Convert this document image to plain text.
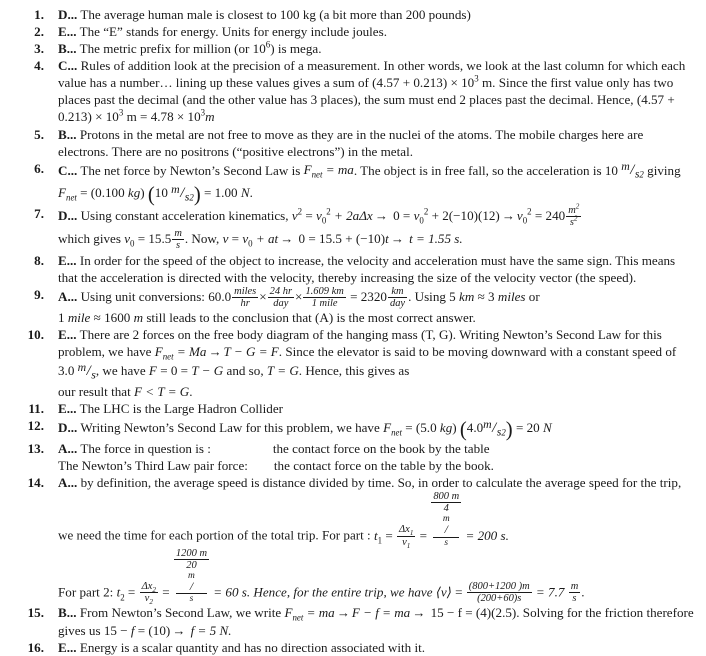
1. D... The average human male is closest to 100 kg (a bit more than 200 pounds)
2. E... The “E” stands for energy. Units for energy include joules.
3. B... The metric prefix for million (or $10^6$) is mega.
4. C... Rules of addition look at the precision of a measurement. In other words, we look at the last column for which each value has a number… lining up these values gives a sum of $(4.57 + 0.213) \times 10^3$ m. Since the first value only has two places past the decimal (and the other value has 3 places), the sum must end 2 places past the decimal. Hence, $(4.57 + 0.213) \times 10^3$ $m = 4.78 \times 10^3m$
5. B... Protons in the metal are not free to move as they are in the nuclei of the atoms. The mobile charges here are electrons. There are no positrons (“positive electrons”) in the metal.
6. C... The net force by Newton’s Second Law is $F_{net}$ = ma. The object is in free fall, so the acceleration is 10 $m/s_2$ giving $F_{net} = (0.100$ kg) (10 $m/s_2) = 1.00$ N.
7. D... Using constant acceleration kinematics, $v^2 = v_0^2 + 2a\Delta x \to 0 = v_0^2 + 2(-10)(12) \to v_0^2 = 240 \frac{m^2}{s^2}$
which gives $v_0 = 15.5 \frac{m}{s}$ . Now, $v = v_0$ + at → 0 = 15.5 + (−10)t → t = 1.55 s.
8. E... In order for the speed of the object to increase, the velocity and acceleration must have the same sign. This means that the acceleration is directed with the velocity, thereby increasing the size of the velocity vector (the speed).
9. A... Using unit conversions: 60.0 miles
hr × 24 hr
day × 1.609 km
1 mile = 2320 km
day . Using 5 km ≈ 3 miles or
1 mile ≈ 1600 m still leads to the conclusion that (A) is the most correct answer.
10. E... There are 2 forces on the free body diagram of the hanging mass (T, G). Writing Newton’s Second Law for this problem, we have $F_{net} = Ma \to T - G = F$. Since the elevator is said to be moving downward with a constant speed of 3.0 m/s, we have F = 0 = T − G and so, T = G. Hence, this gives as
our result that F < T = G.
11. E... The LHC is the Large Hadron Collider
12. D... Writing Newton’s Second Law for this problem, we have $F_{net} = (5.0$ kg) $(4.0m/s_2) = 20$ N
13. A... The force in question is :	the contact force on the book by the table
The Newton’s Third Law pair force: the contact force on the table by the book.
14. A... by definition, the average speed is distance divided by time. So, in order to calculate the average speed for the trip, we need the time for each portion of the total trip. For part : $t_1 = \frac{\Delta x_1}{v_1} = 800$ m
4
m
/
s = 200 s.
For part 2: $t_2 = \frac{\Delta x_2}{v_2} = 1200$ m
20
m
/
s = 60 s. Hence, for the entire trip, we have ⟨v⟩ = $\frac{(800+1200 )m}{(200+60)s} = 7.7 \frac{m}{s}$ .
15. B... From Newton’s Second Law, we write $F_{net}$ = ma → F − f = ma → 15 − f = (4)(2.5). Solving for the friction therefore gives us 15 − f = (10) → f = 5 N.
16. E... Energy is a scalar quantity and has no direction associated with it.
